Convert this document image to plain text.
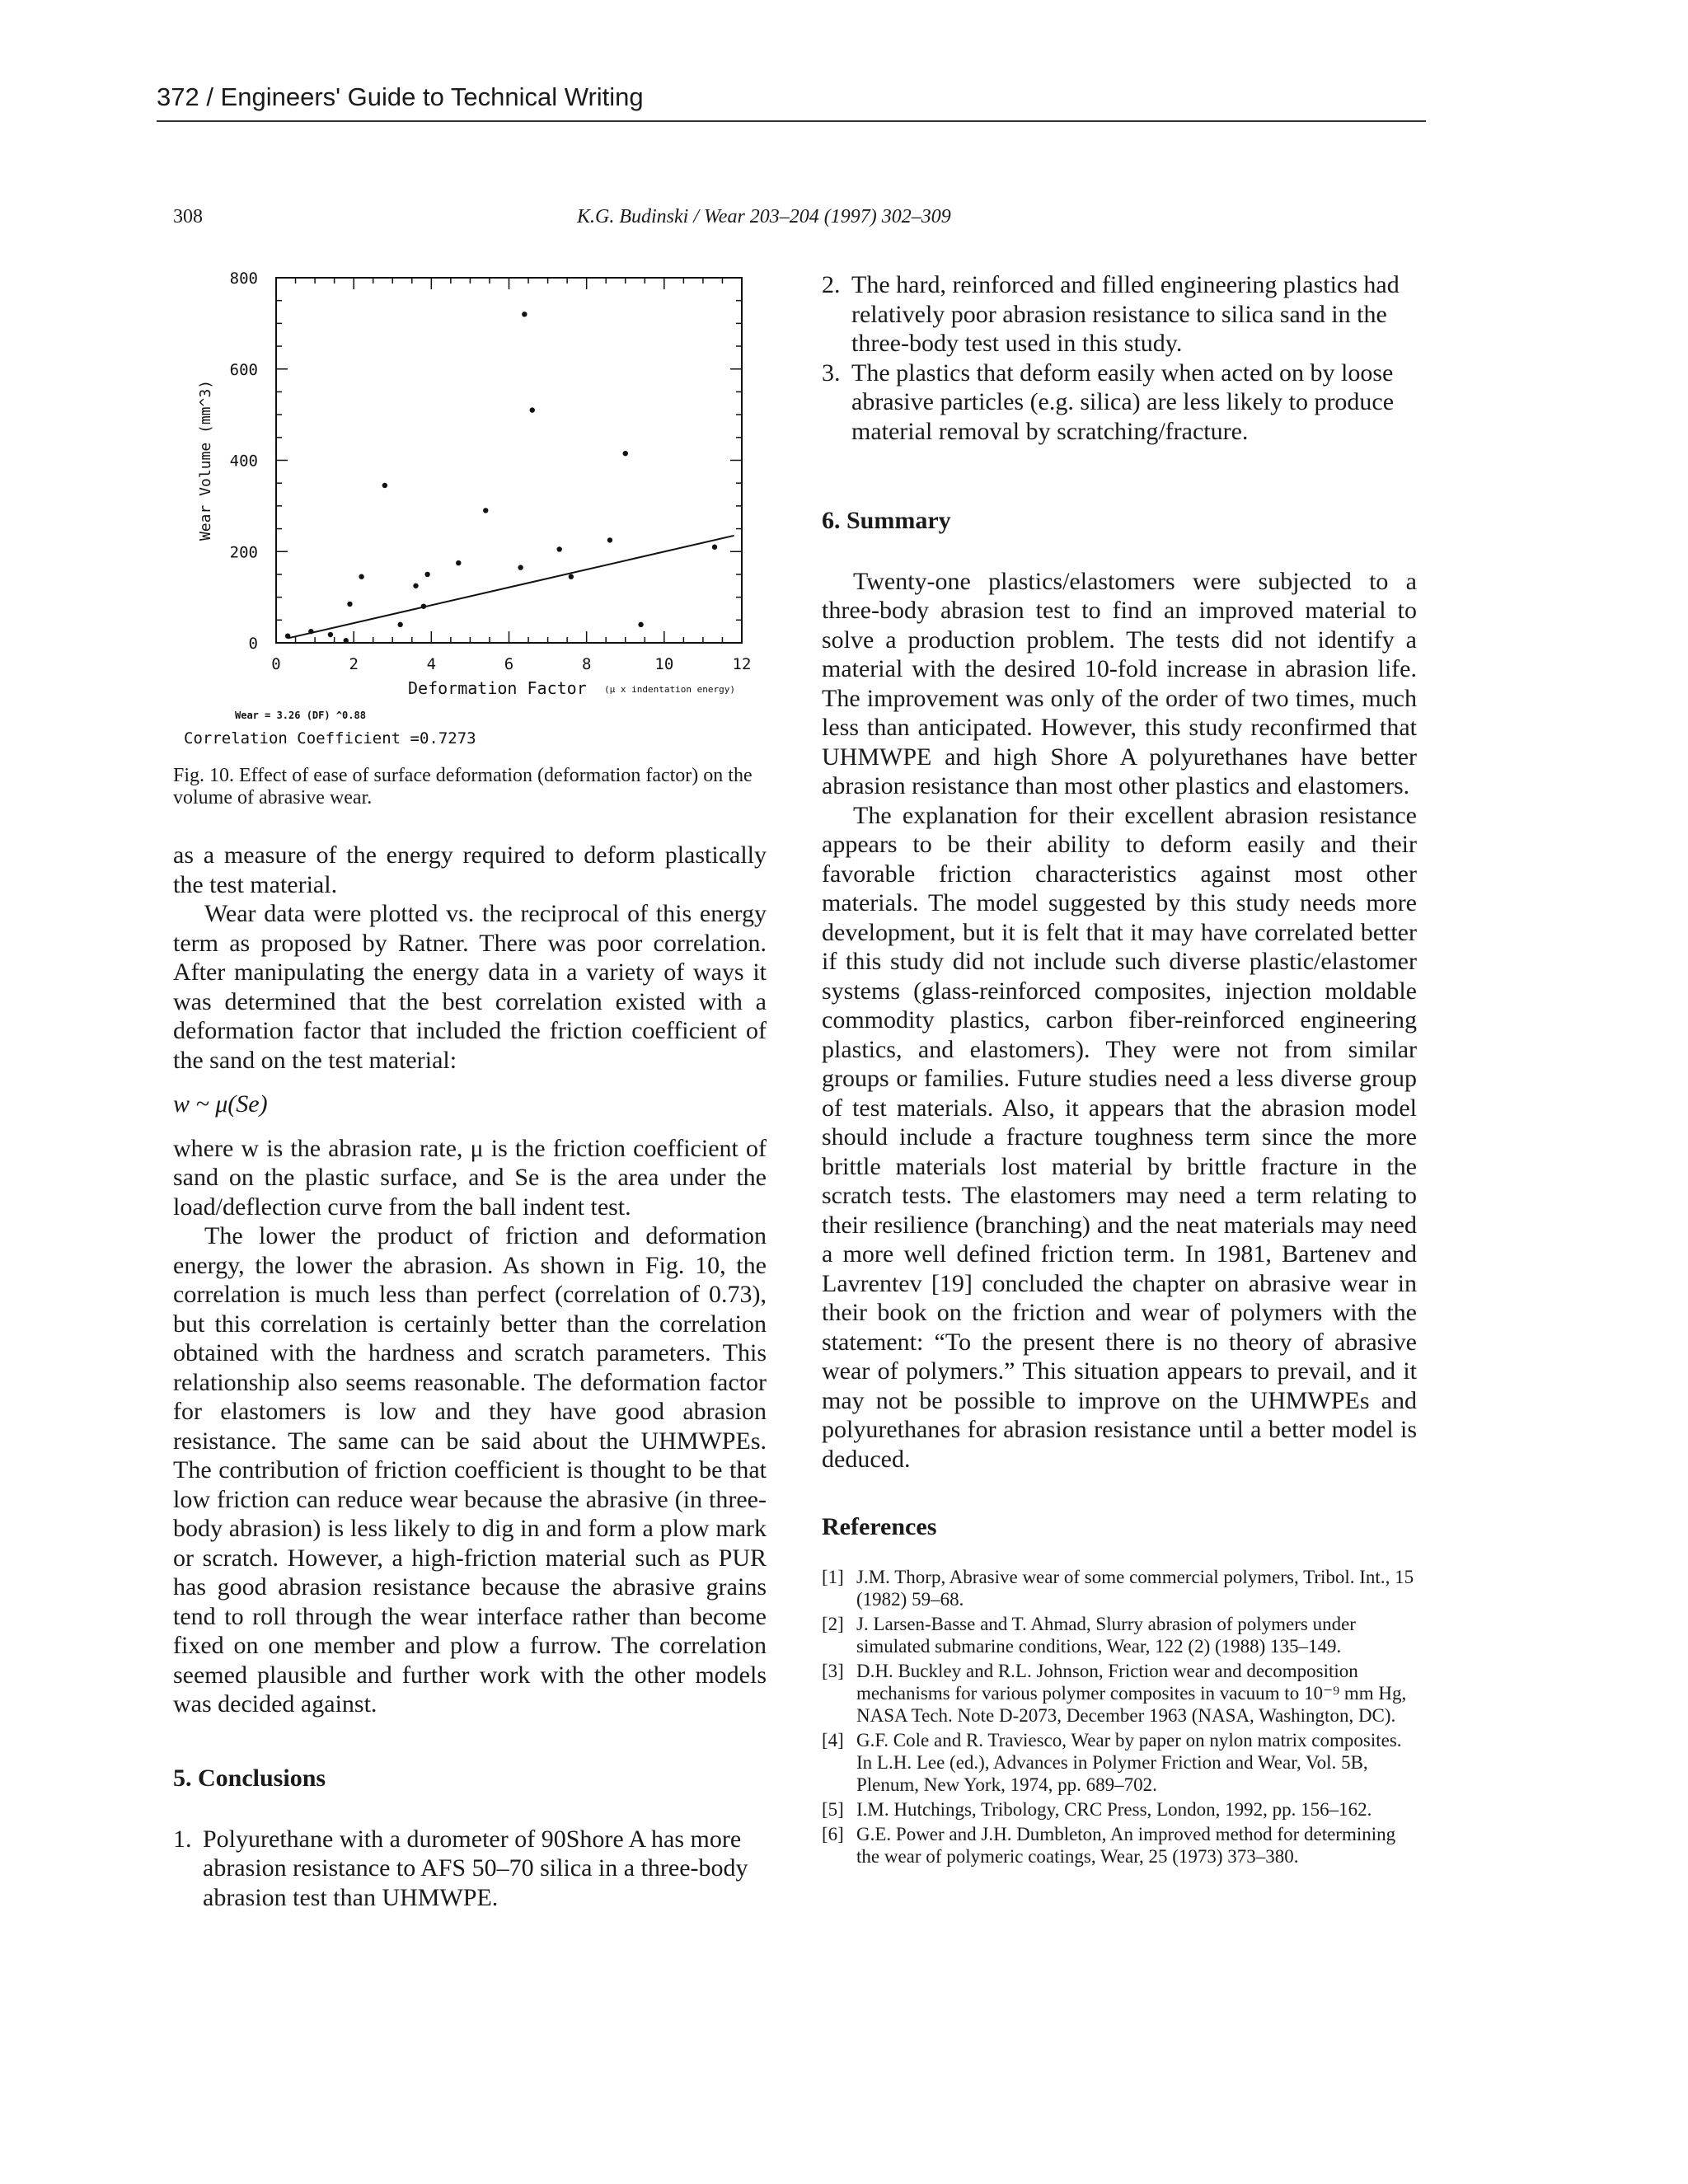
372 / Engineers' Guide to Technical Writing
308	K.G. Budinski / Wear 203–204 (1997) 302–309
0	2	4	6	8	10	12
0
200
400
600
800
Deformation Factor (μ x indentation energy)
Wear Volume (mm^3)
Wear = 3.26 (DF) ^0.88
Correlation Coefficient =0.7273
Fig. 10. Effect of ease of surface deformation (deformation factor) on the volume of abrasive wear.

as a measure of the energy required to deform plastically the test material.

Wear data were plotted vs. the reciprocal of this energy term as proposed by Ratner. There was poor correlation. After manipulating the energy data in a variety of ways it was determined that the best correlation existed with a deformation factor that included the friction coefficient of the sand on the test material:

w ~ μ(Se)

where w is the abrasion rate, μ is the friction coefficient of sand on the plastic surface, and Se is the area under the load/deflection curve from the ball indent test.

The lower the product of friction and deformation energy, the lower the abrasion. As shown in Fig. 10, the correlation is much less than perfect (correlation of 0.73), but this correlation is certainly better than the correlation obtained with the hardness and scratch parameters. This relationship also seems reasonable. The deformation factor for elastomers is low and they have good abrasion resistance. The same can be said about the UHMWPEs. The contribution of friction coefficient is thought to be that low friction can reduce wear because the abrasive (in three-body abrasion) is less likely to dig in and form a plow mark or scratch. However, a high-friction material such as PUR has good abrasion resistance because the abrasive grains tend to roll through the wear interface rather than become fixed on one member and plow a furrow. The correlation seemed plausible and further work with the other models was decided against.

5. Conclusions

1. Polyurethane with a durometer of 90Shore A has more abrasion resistance to AFS 50–70 silica in a three-body abrasion test than UHMWPE.
2. The hard, reinforced and filled engineering plastics had relatively poor abrasion resistance to silica sand in the three-body test used in this study.
3. The plastics that deform easily when acted on by loose abrasive particles (e.g. silica) are less likely to produce material removal by scratching/fracture.

6. Summary

Twenty-one plastics/elastomers were subjected to a three-body abrasion test to find an improved material to solve a production problem. The tests did not identify a material with the desired 10-fold increase in abrasion life. The improvement was only of the order of two times, much less than anticipated. However, this study reconfirmed that UHMWPE and high Shore A polyurethanes have better abrasion resistance than most other plastics and elastomers.

The explanation for their excellent abrasion resistance appears to be their ability to deform easily and their favorable friction characteristics against most other materials. The model suggested by this study needs more development, but it is felt that it may have correlated better if this study did not include such diverse plastic/elastomer systems (glass-reinforced composites, injection moldable commodity plastics, carbon fiber-reinforced engineering plastics, and elastomers). They were not from similar groups or families. Future studies need a less diverse group of test materials. Also, it appears that the abrasion model should include a fracture toughness term since the more brittle materials lost material by brittle fracture in the scratch tests. The elastomers may need a term relating to their resilience (branching) and the neat materials may need a more well defined friction term. In 1981, Bartenev and Lavrentev [19] concluded the chapter on abrasive wear in their book on the friction and wear of polymers with the statement: “To the present there is no theory of abrasive wear of polymers.” This situation appears to prevail, and it may not be possible to improve on the UHMWPEs and polyurethanes for abrasion resistance until a better model is deduced.

References

[1] J.M. Thorp, Abrasive wear of some commercial polymers, Tribol. Int., 15 (1982) 59–68.
[2] J. Larsen-Basse and T. Ahmad, Slurry abrasion of polymers under simulated submarine conditions, Wear, 122 (2) (1988) 135–149.
[3] D.H. Buckley and R.L. Johnson, Friction wear and decomposition mechanisms for various polymer composites in vacuum to 10⁻⁹ mm Hg, NASA Tech. Note D-2073, December 1963 (NASA, Washington, DC).
[4] G.F. Cole and R. Traviesco, Wear by paper on nylon matrix composites. In L.H. Lee (ed.), Advances in Polymer Friction and Wear, Vol. 5B, Plenum, New York, 1974, pp. 689–702.
[5] I.M. Hutchings, Tribology, CRC Press, London, 1992, pp. 156–162.
[6] G.E. Power and J.H. Dumbleton, An improved method for determining the wear of polymeric coatings, Wear, 25 (1973) 373–380.
